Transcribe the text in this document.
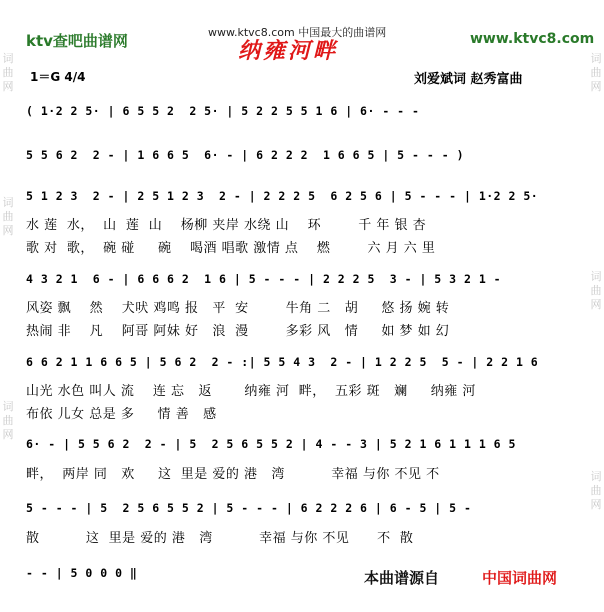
词
曲
网
词
曲
网
词
曲
网
词
曲
网
词
曲
网
词
曲
网
ktv查吧曲谱网	www.ktvc8.com 中国最大的曲谱网	www.ktvc8.com
纳雍河畔
1＝G 4/4	刘爱斌词 赵秀富曲
( 1·2 2 5· | 6 5 5 2  2 5· | 5 2 2 5 5 1 6 | 6· - - -
5 5 6 2  2 - | 1 6 6 5  6· - | 6 2 2 2  1 6 6 5 | 5 - - - )
5 1 2 3  2 - | 2 5 1 2 3  2 - | 2 2 2 5  6 2 5 6 | 5 - - - | 1·2 2 5·
水 莲  水，  山  莲  山    杨柳 夹岸 水绕 山    环        千 年 银 杏
歌 对  歌，  碗 碰     碗    喝酒 唱歌 激情 点    燃        六 月 六 里
4 3 2 1  6 - | 6 6 6 2  1 6 | 5 - - - | 2 2 2 5  3 - | 5 3 2 1 -
风姿 飘    然    犬吠 鸡鸣 报   平  安        牛角 二   胡     悠 扬 婉 转
热闹 非    凡    阿哥 阿妹 好   浪  漫        多彩 风   情     如 梦 如 幻
6 6 2 1 1 6 6 5 | 5 6 2  2 - :| 5 5 4 3  2 - | 1 2 2 5  5 - | 2 2 1 6
山光 水色 叫人 流    连 忘   返       纳雍 河  畔，  五彩 斑   斓     纳雍 河
布依 儿女 总是 多     情 善   感
6· - | 5 5 6 2  2 - | 5  2 5 6 5 5 2 | 4 - - 3 | 5 2 1 6 1 1 1 6 5
畔，  两岸 同   欢     这  里是 爱的 港   湾          幸福 与你 不见 不
5 - - - | 5  2 5 6 5 5 2 | 5 - - - | 6 2 2 2 6 | 6 - 5 | 5 -
散          这  里是 爱的 港   湾          幸福 与你 不见      不  散
- - | 5 0 0 0 ‖	本曲谱源自	中国词曲网
